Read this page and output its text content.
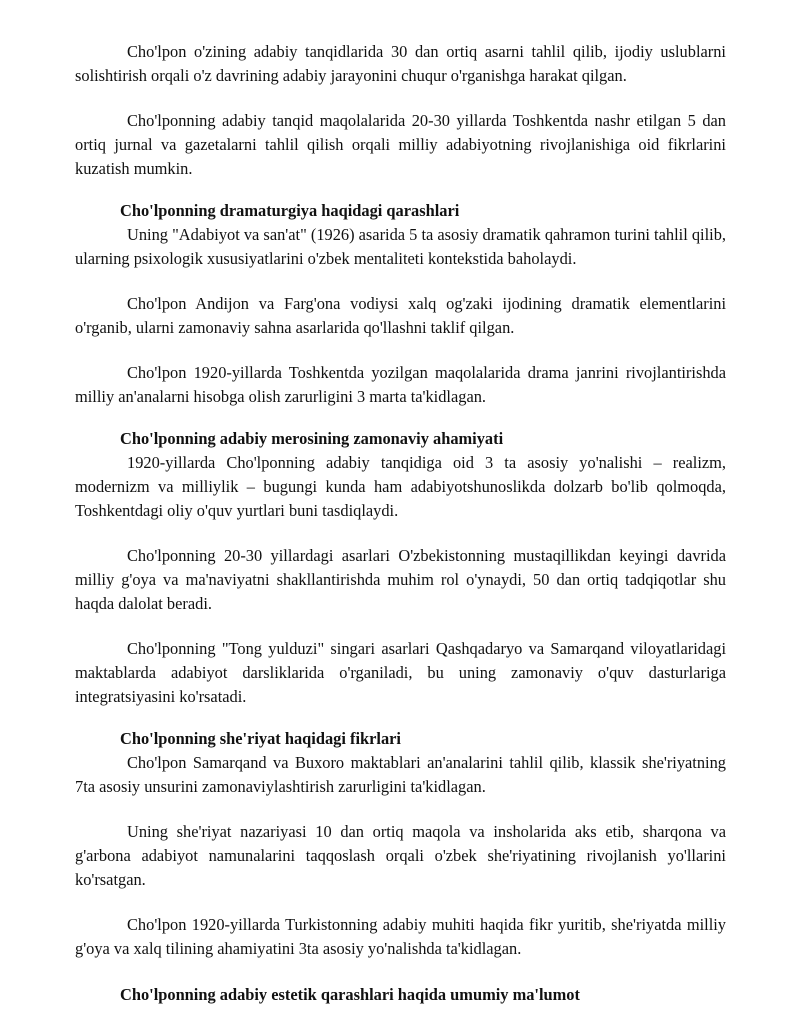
Cho'lpon o'zining adabiy tanqidlarida 30 dan ortiq asarni tahlil qilib, ijodiy uslublarni solishtirish orqali o'z davrining adabiy jarayonini chuqur o'rganishga harakat qilgan.

Cho'lponning adabiy tanqid maqolalarida 20-30 yillarda Toshkentda nashr etilgan 5 dan ortiq jurnal va gazetalarni tahlil qilish orqali milliy adabiyotning rivojlanishiga oid fikrlarini kuzatish mumkin.

Cho'lponning dramaturgiya haqidagi qarashlari

Uning "Adabiyot va san'at" (1926) asarida 5 ta asosiy dramatik qahramon turini tahlil qilib, ularning psixologik xususiyatlarini o'zbek mentaliteti kontekstida baholaydi.

Cho'lpon Andijon va Farg'ona vodiysi xalq og'zaki ijodining dramatik elementlarini o'rganib, ularni zamonaviy sahna asarlarida qo'llashni taklif qilgan.

Cho'lpon 1920-yillarda Toshkentda yozilgan maqolalarida drama janrini rivojlantirishda milliy an'analarni hisobga olish zarurligini 3 marta ta'kidlagan.

Cho'lponning adabiy merosining zamonaviy ahamiyati

1920-yillarda Cho'lponning adabiy tanqidiga oid 3 ta asosiy yo'nalishi – realizm, modernizm va milliylik – bugungi kunda ham adabiyotshunoslikda dolzarb bo'lib qolmoqda, Toshkentdagi oliy o'quv yurtlari buni tasdiqlaydi.

Cho'lponning 20-30 yillardagi asarlari O'zbekistonning mustaqillikdan keyingi davrida milliy g'oya va ma'naviyatni shakllantirishda muhim rol o'ynaydi, 50 dan ortiq tadqiqotlar shu haqda dalolat beradi.

Cho'lponning "Tong yulduzi" singari asarlari Qashqadaryo va Samarqand viloyatlaridagi maktablarda adabiyot darsliklarida o'rganiladi, bu uning zamonaviy o'quv dasturlariga integratsiyasini ko'rsatadi.

Cho'lponning she'riyat haqidagi fikrlari

Cho'lpon Samarqand va Buxoro maktablari an'analarini tahlil qilib, klassik she'riyatning 7ta asosiy unsurini zamonaviylashtirish zarurligini ta'kidlagan.

Uning she'riyat nazariyasi 10 dan ortiq maqola va insholarida aks etib, sharqona va g'arbona adabiyot namunalarini taqqoslash orqali o'zbek she'riyatining rivojlanish yo'llarini ko'rsatgan.

Cho'lpon 1920-yillarda Turkistonning adabiy muhiti haqida fikr yuritib, she'riyatda milliy g'oya va xalq tilining ahamiyatini 3ta asosiy yo'nalishda ta'kidlagan.

Cho'lponning adabiy estetik qarashlari haqida umumiy ma'lumot
